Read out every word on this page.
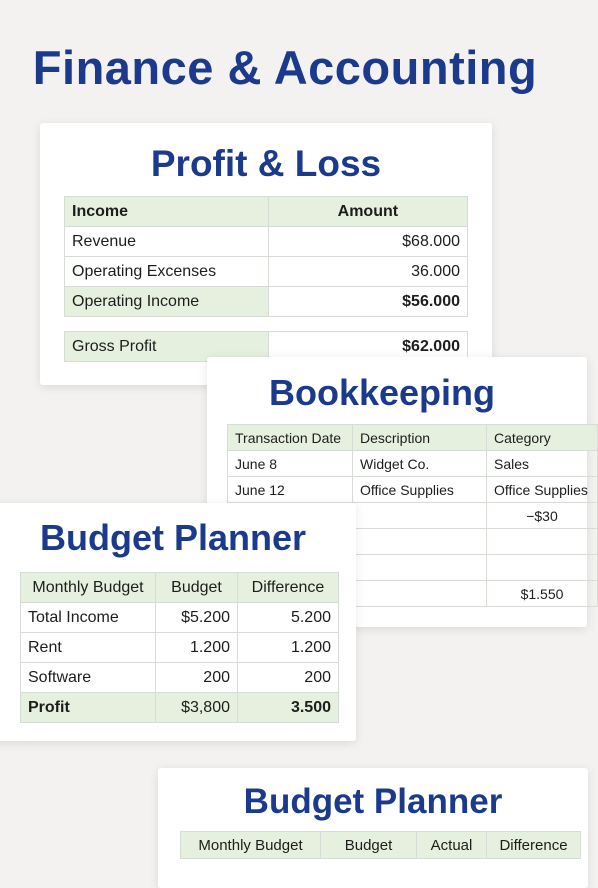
Finance & Accounting
Profit & Loss
Income	Amount
Revenue	$68.000
Operating Excenses	36.000
Operating Income	$56.000

Gross Profit	$62.000
Bookkeeping
Transaction Date	Description	Category
June 8	Widget Co.	Sales
June 12	Office Supplies	Office Supplies
		−$30

		$1.550
Budget Planner
Monthly Budget	Budget	Difference
Total Income	$5.200	5.200
Rent	1.200	1.200
Software	200	200
Profit	$3,800	3.500
Budget Planner
Monthly Budget	Budget	Actual	Difference
